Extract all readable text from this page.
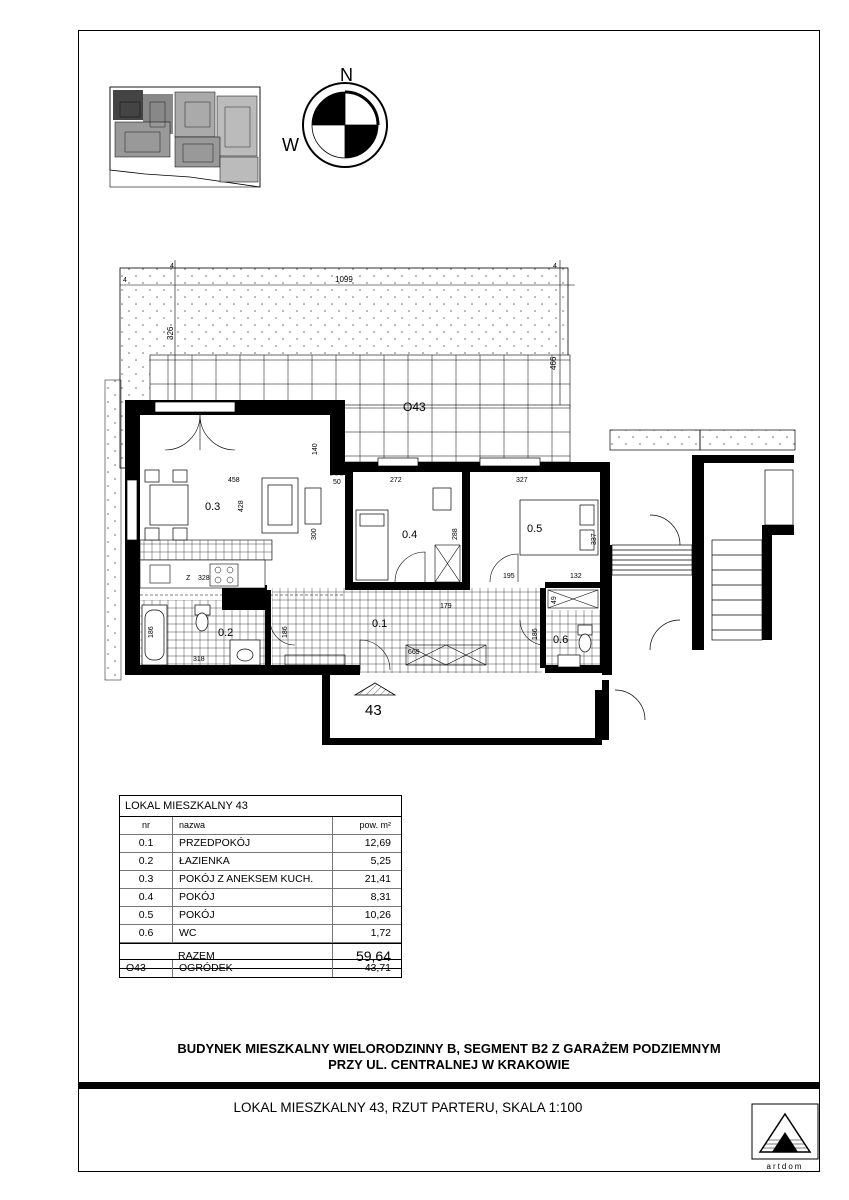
N
W
O43
1099
4
4	4
326
466
Z 328
43
0.3
0.4	0.5
0.2
0.1
0.6
140
458
428
300
50	272	327
288	337
195	132
179
186	186	186
318
669
49
LOKAL MIESZKALNY 43
nr	nazwa	pow. m²
0.1	PRZEDPOKÓJ	12,69
0.2	ŁAZIENKA	5,25
0.3	POKÓJ Z ANEKSEM KUCH.	21,41
0.4	POKÓJ	8,31
0.5	POKÓJ	10,26
0.6	WC	1,72
RAZEM	59,64
O43	OGRÓDEK	43,71
BUDYNEK MIESZKALNY WIELORODZINNY B, SEGMENT B2 Z GARAŻEM PODZIEMNYM
PRZY UL. CENTRALNEJ W KRAKOWIE
LOKAL MIESZKALNY 43, RZUT PARTERU, SKALA 1:100
artdom
